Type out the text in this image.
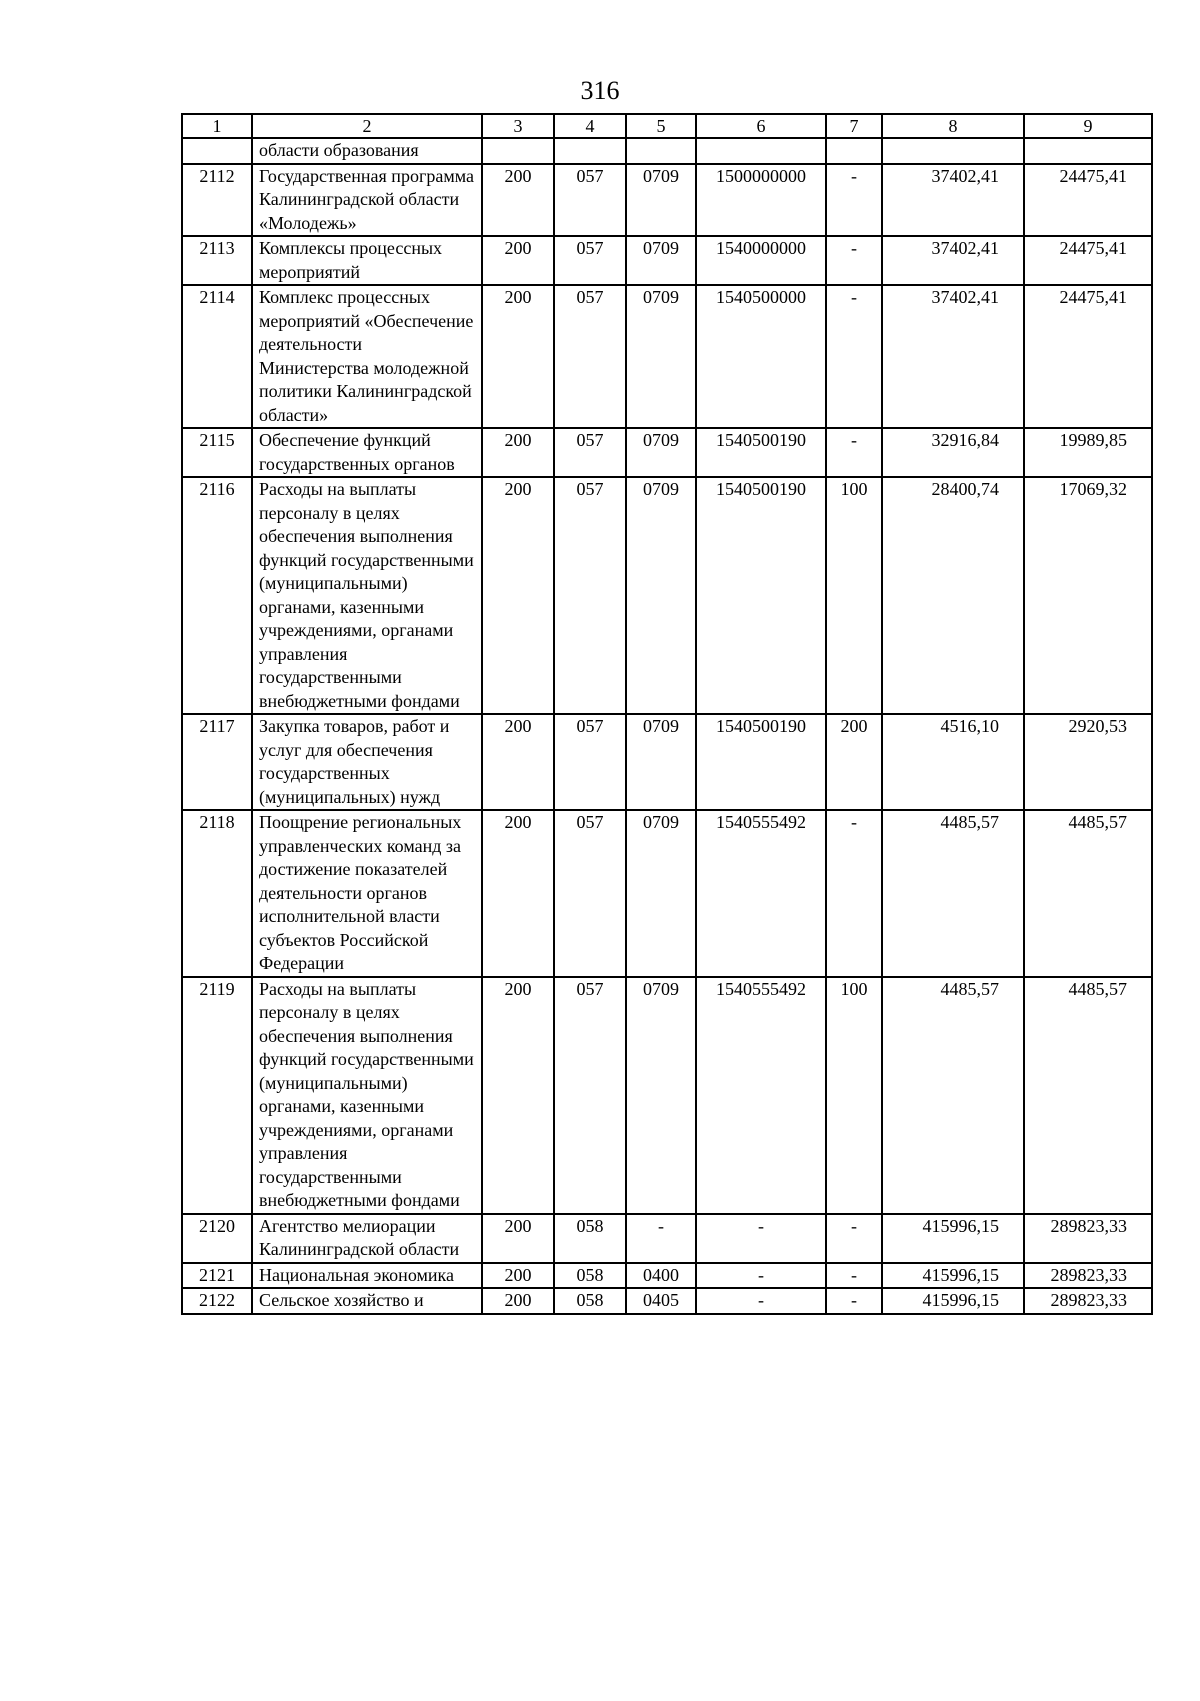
316
1	2	3	4	5	6	7	8	9
	области образования							
2112	Государственная программа Калининградской области «Молодежь»	200	057	0709	1500000000	-	37402,41	24475,41
2113	Комплексы процессных мероприятий	200	057	0709	1540000000	-	37402,41	24475,41
2114	Комплекс процессных мероприятий «Обеспечение деятельности Министерства молодежной политики Калининградской области»	200	057	0709	1540500000	-	37402,41	24475,41
2115	Обеспечение функций государственных органов	200	057	0709	1540500190	-	32916,84	19989,85
2116	Расходы на выплаты персоналу в целях обеспечения выполнения функций государственными (муниципальными) органами, казенными учреждениями, органами управления государственными внебюджетными фондами	200	057	0709	1540500190	100	28400,74	17069,32
2117	Закупка товаров, работ и услуг для обеспечения государственных (муниципальных) нужд	200	057	0709	1540500190	200	4516,10	2920,53
2118	Поощрение региональных управленческих команд за достижение показателей деятельности органов исполнительной власти субъектов Российской Федерации	200	057	0709	1540555492	-	4485,57	4485,57
2119	Расходы на выплаты персоналу в целях обеспечения выполнения функций государственными (муниципальными) органами, казенными учреждениями, органами управления государственными внебюджетными фондами	200	057	0709	1540555492	100	4485,57	4485,57
2120	Агентство мелиорации Калининградской области	200	058	-	-	-	415996,15	289823,33
2121	Национальная экономика	200	058	0400	-	-	415996,15	289823,33
2122	Сельское хозяйство и	200	058	0405	-	-	415996,15	289823,33
